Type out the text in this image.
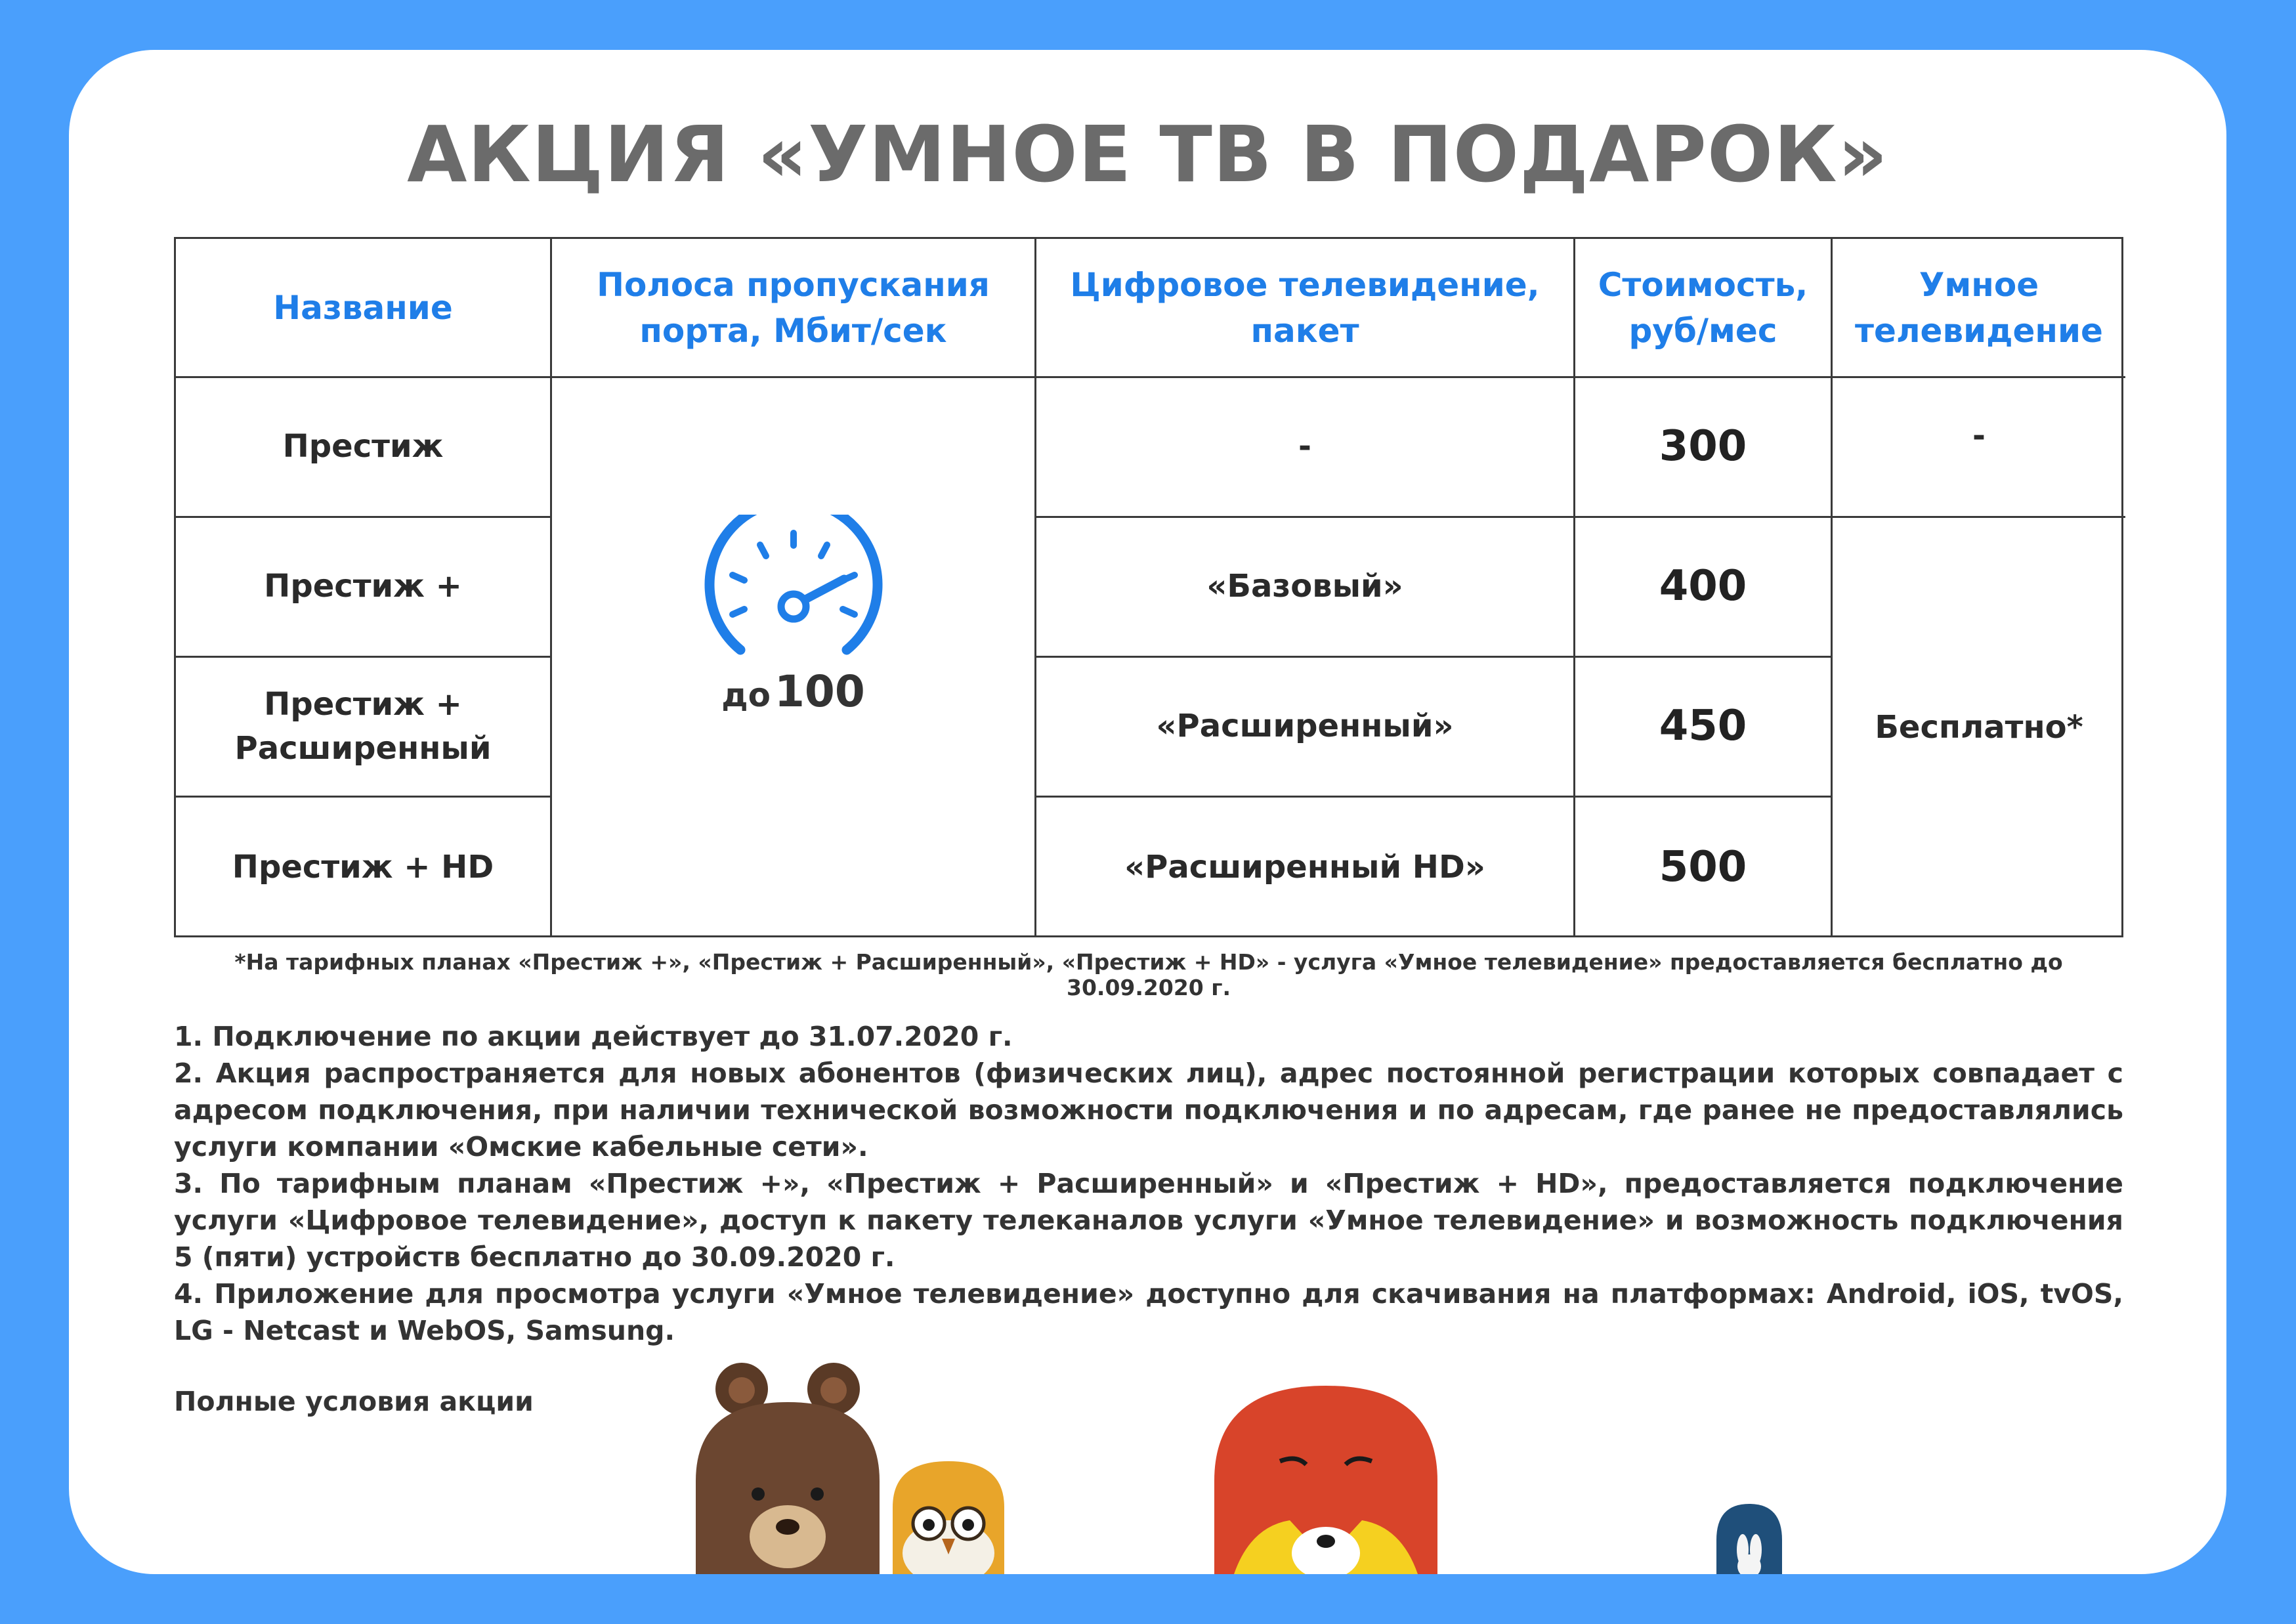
АКЦИЯ «УМНОЕ ТВ В ПОДАРОК»
Название
Полоса пропускания порта, Мбит/сек
Цифровое телевидение, пакет
Стоимость, руб/мес
Умное телевидение
Престиж
Престиж +
Престиж + Расширенный
Престиж + HD
до 100
-
«Базовый»
«Расширенный»
«Расширенный HD»
300
400
450
500
-
Бесплатно*

*На тарифных планах «Престиж +», «Престиж + Расширенный», «Престиж + HD» - услуга «Умное телевидение» предоставляется бесплатно до 30.09.2020 г.

1. Подключение по акции действует до 31.07.2020 г.

2. Акция распространяется для новых абонентов (физических лиц), адрес постоянной регистрации которых совпадает с адресом подключения, при наличии технической возможности подключения и по адресам, где ранее не предоставлялись услуги компании «Омские кабельные сети».

3. По тарифным планам «Престиж +», «Престиж + Расширенный» и «Престиж + HD», предоставляется подключение услуги «Цифровое телевидение», доступ к пакету телеканалов услуги «Умное телевидение» и возможность подключения 5 (пяти) устройств бесплатно до 30.09.2020 г.

4. Приложение для просмотра услуги «Умное телевидение» доступно для скачивания на платформах: Android, iOS, tvOS, LG - Netcast и WebOS, Samsung.

Полные условия акции
